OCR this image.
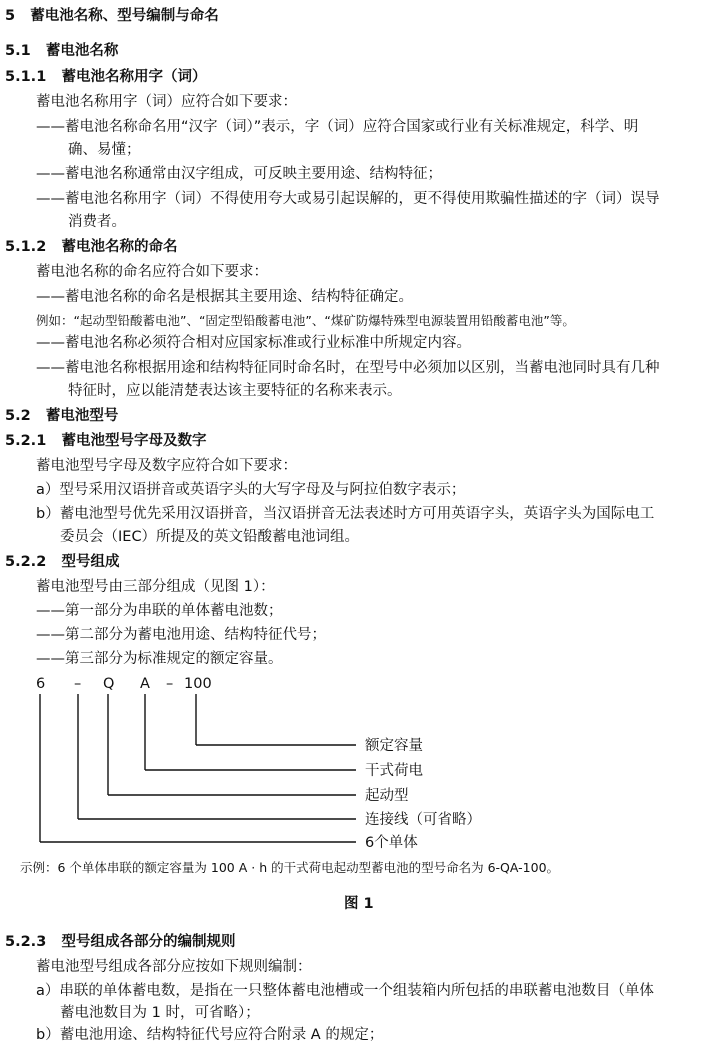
5 蓄电池名称、型号编制与命名
5.1 蓄电池名称
5.1.1 蓄电池名称用字（词）
蓄电池名称用字（词）应符合如下要求：
——蓄电池名称命名用“汉字（词）”表示，字（词）应符合国家或行业有关标准规定，科学、明
确、易懂；
——蓄电池名称通常由汉字组成，可反映主要用途、结构特征；
——蓄电池名称用字（词）不得使用夸大或易引起误解的，更不得使用欺骗性描述的字（词）误导
消费者。
5.1.2 蓄电池名称的命名
蓄电池名称的命名应符合如下要求：
——蓄电池名称的命名是根据其主要用途、结构特征确定。
例如：“起动型铅酸蓄电池”、“固定型铅酸蓄电池”、“煤矿防爆特殊型电源装置用铅酸蓄电池”等。
——蓄电池名称必须符合相对应国家标准或行业标准中所规定内容。
——蓄电池名称根据用途和结构特征同时命名时，在型号中必须加以区别，当蓄电池同时具有几种
特征时，应以能清楚表达该主要特征的名称来表示。
5.2 蓄电池型号
5.2.1 蓄电池型号字母及数字
蓄电池型号字母及数字应符合如下要求：
a）型号采用汉语拼音或英语字头的大写字母及与阿拉伯数字表示；
b）蓄电池型号优先采用汉语拼音，当汉语拼音无法表述时方可用英语字头，英语字头为国际电工
委员会（IEC）所提及的英文铅酸蓄电池词组。
5.2.2 型号组成
蓄电池型号由三部分组成（见图 1）：
——第一部分为串联的单体蓄电池数；
——第二部分为蓄电池用途、结构特征代号；
——第三部分为标准规定的额定容量。
6 – Q A – 100
额定容量
干式荷电
起动型
连接线（可省略）
6个单体
示例：6 个单体串联的额定容量为 100 A · h 的干式荷电起动型蓄电池的型号命名为 6-QA-100。
图 1
5.2.3 型号组成各部分的编制规则
蓄电池型号组成各部分应按如下规则编制：
a）串联的单体蓄电数，是指在一只整体蓄电池槽或一个组装箱内所包括的串联蓄电池数目（单体
蓄电池数目为 1 时，可省略）；
b）蓄电池用途、结构特征代号应符合附录 A 的规定；
